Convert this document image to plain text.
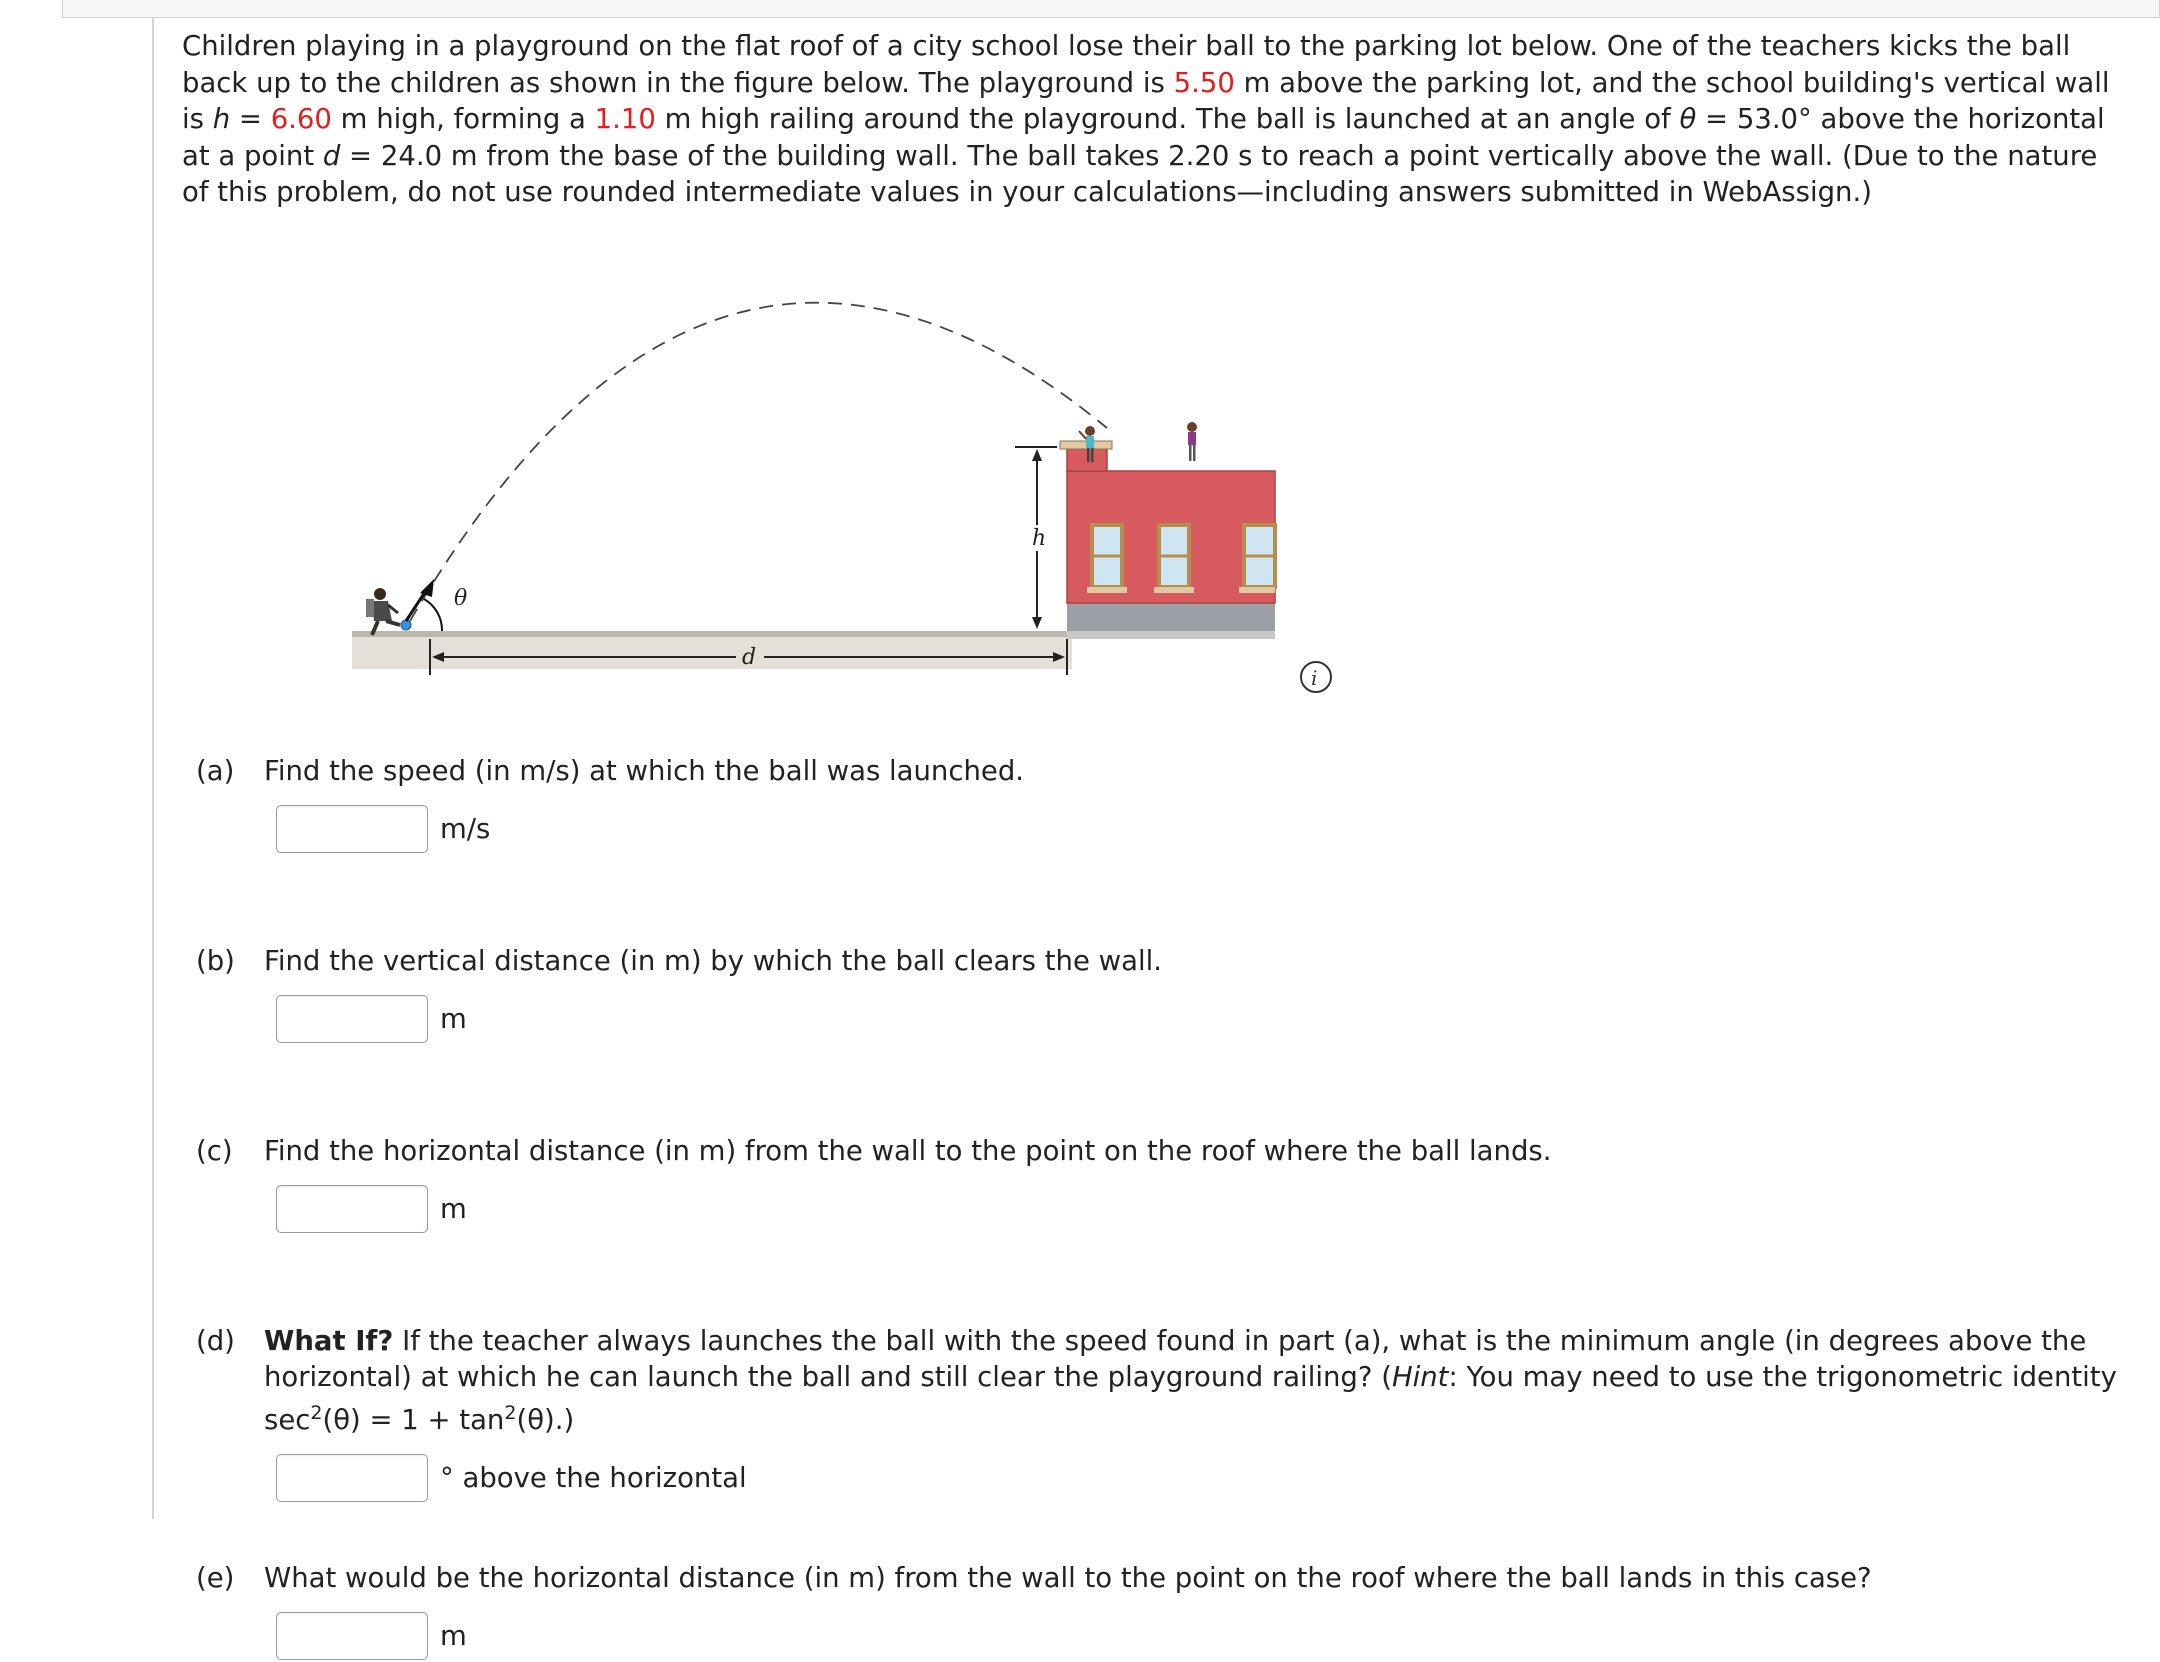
Children playing in a playground on the flat roof of a city school lose their ball to the parking lot below. One of the teachers kicks the ball back up to the children as shown in the figure below. The playground is 5.50 m above the parking lot, and the school building's vertical wall is h = 6.60 m high, forming a 1.10 m high railing around the playground. The ball is launched at an angle of θ = 53.0° above the horizontal at a point d = 24.0 m from the base of the building wall. The ball takes 2.20 s to reach a point vertically above the wall. (Due to the nature of this problem, do not use rounded intermediate values in your calculations—including answers submitted in WebAssign.)

θ
h
d
i
(a) Find the speed (in m/s) at which the ball was launched.
m/s
(b) Find the vertical distance (in m) by which the ball clears the wall.
m
(c) Find the horizontal distance (in m) from the wall to the point on the roof where the ball lands.
m
(d) What If? If the teacher always launches the ball with the speed found in part (a), what is the minimum angle (in degrees above the horizontal) at which he can launch the ball and still clear the playground railing? (Hint: You may need to use the trigonometric identity $\sec^2(\theta) = 1 + \tan^2(\theta)$.)
° above the horizontal
(e) What would be the horizontal distance (in m) from the wall to the point on the roof where the ball lands in this case?
m
